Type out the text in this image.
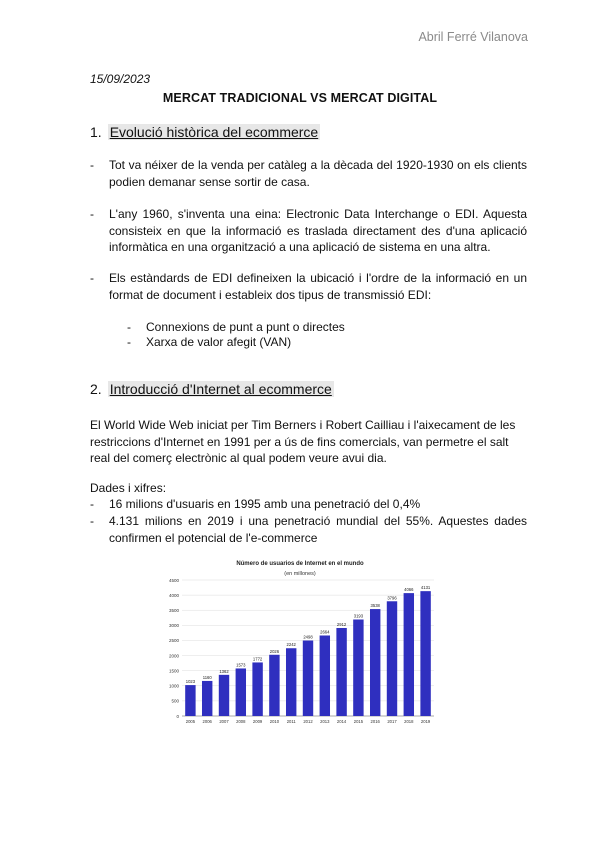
Abril Ferré Vilanova
15/09/2023
MERCAT TRADICIONAL VS MERCAT DIGITAL
1. Evolució històrica del ecommerce
- Tot va néixer de la venda per catàleg a la dècada del 1920-1930 on els clients podien demanar sense sortir de casa.
- L'any 1960, s'inventa una eina: Electronic Data Interchange o EDI. Aquesta consisteix en que la informació es traslada directament des d'una aplicació informàtica en una organització a una aplicació de sistema en una altra.
- Els estàndards de EDI defineixen la ubicació i l'ordre de la informació en un format de document i estableix dos tipus de transmissió EDI:
- Connexions de punt a punt o directes
- Xarxa de valor afegit (VAN)
2. Introducció d'Internet al ecommerce
El World Wide Web iniciat per Tim Berners i Robert Cailliau i l'aixecament de les restriccions d'Internet en 1991 per a ús de fins comercials, van permetre el salt real del comerç electrònic al qual podem veure avui dia.
Dades i xifres:
- 16 milions d'usuaris en 1995 amb una penetració del 0,4%
- 4.131 milions en 2019 i una penetració mundial del 55%. Aquestes dades confirmen el potencial de l'e-commerce
Número de usuarios de Internet en el mundo
(en millones)
0
500
1000
1500
2000
2500
3000
3500
4000
4500
1023
1160
1362
1573
1772
2026
2242
2498
2664
2912
3193
3538
3796
4066 4131
2005 2006 2007 2008 2009 2010 2011 2012 2013 2014 2015 2016 2017 2018 2019
